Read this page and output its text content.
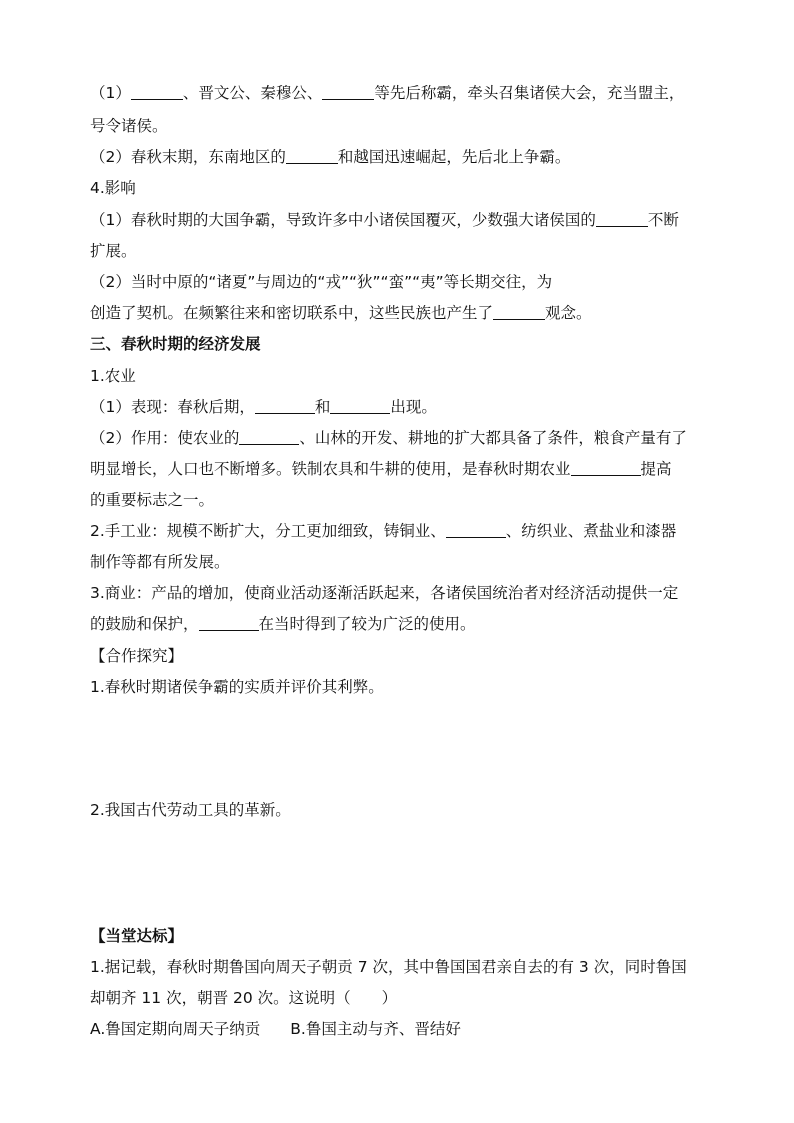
（1）	、晋文公、秦穆公、	等先后称霸，牵头召集诸侯大会，充当盟主，
号令诸侯。
（2）春秋末期，东南地区的	和越国迅速崛起，先后北上争霸。
4.影响
（1）春秋时期的大国争霸，导致许多中小诸侯国覆灭，少数强大诸侯国的	不断
扩展。
（2）当时中原的“诸夏”与周边的“戎”“狄”“蛮”“夷”等长期交往，为
创造了契机。在频繁往来和密切联系中，这些民族也产生了	观念。
三、春秋时期的经济发展
1.农业
（1）表现：春秋后期，	和	出现。
（2）作用：使农业的	、山林的开发、耕地的扩大都具备了条件，粮食产量有了
明显增长，人口也不断增多。铁制农具和牛耕的使用，是春秋时期农业	提高
的重要标志之一。
2.手工业：规模不断扩大，分工更加细致，铸铜业、	、纺织业、煮盐业和漆器
制作等都有所发展。
3.商业：产品的增加，使商业活动逐渐活跃起来，各诸侯国统治者对经济活动提供一定
的鼓励和保护，	在当时得到了较为广泛的使用。
【合作探究】
1.春秋时期诸侯争霸的实质并评价其利弊。
2.我国古代劳动工具的革新。
【当堂达标】
1.据记载，春秋时期鲁国向周天子朝贡 7 次，其中鲁国国君亲自去的有 3 次，同时鲁国
却朝齐 11 次，朝晋 20 次。这说明（　　）
A.鲁国定期向周天子纳贡 B.鲁国主动与齐、晋结好
